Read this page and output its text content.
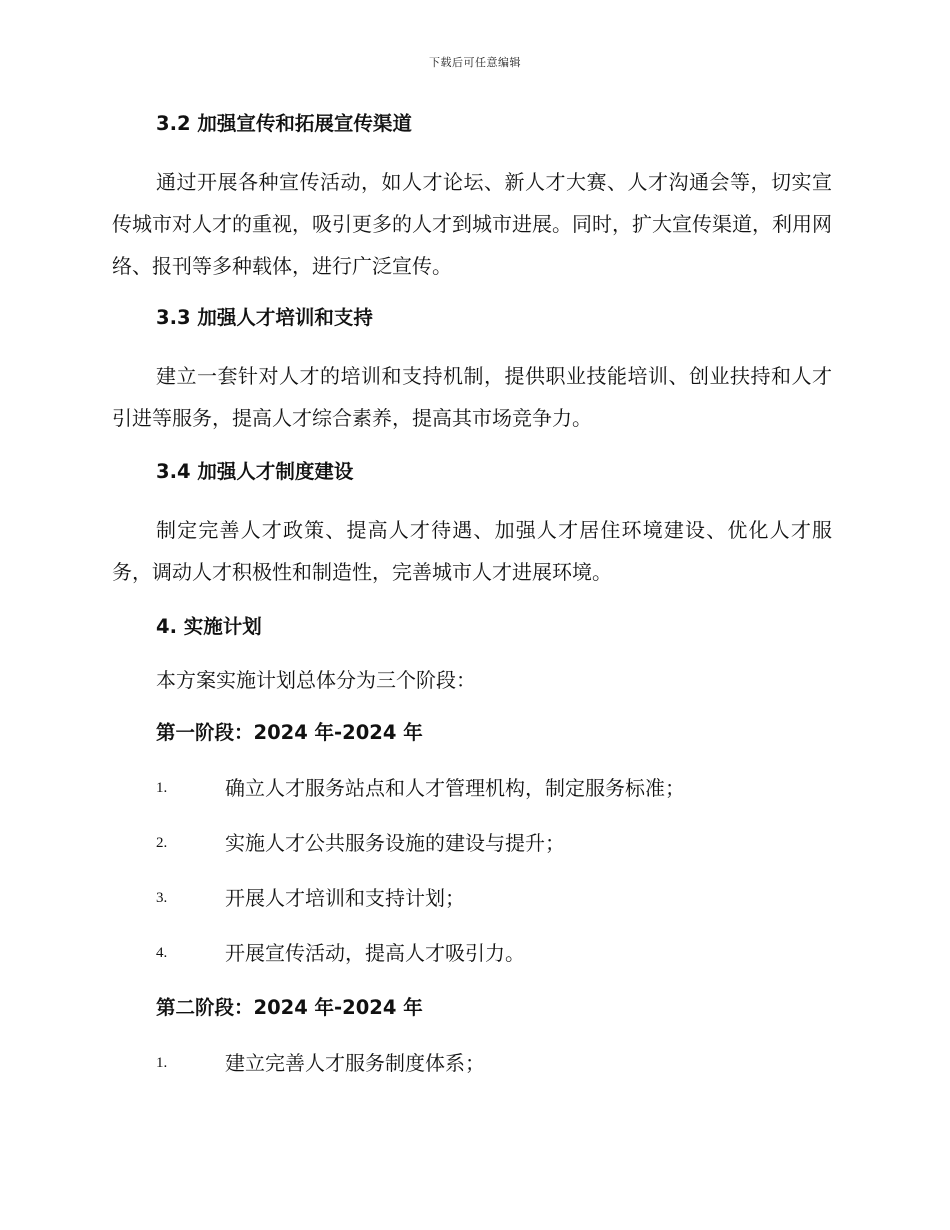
下载后可任意编辑
3.2 加强宣传和拓展宣传渠道

通过开展各种宣传活动，如人才论坛、新人才大赛、人才沟通会等，切实宣传城市对人才的重视，吸引更多的人才到城市进展。同时，扩大宣传渠道，利用网络、报刊等多种载体，进行广泛宣传。

3.3 加强人才培训和支持

建立一套针对人才的培训和支持机制，提供职业技能培训、创业扶持和人才引进等服务，提高人才综合素养，提高其市场竞争力。

3.4 加强人才制度建设

制定完善人才政策、提高人才待遇、加强人才居住环境建设、优化人才服务，调动人才积极性和制造性，完善城市人才进展环境。

4. 实施计划

本方案实施计划总体分为三个阶段：

第一阶段：2024 年-2024 年
1.	确立人才服务站点和人才管理机构，制定服务标准；
2.	实施人才公共服务设施的建设与提升；
3.	开展人才培训和支持计划；
4.	开展宣传活动，提高人才吸引力。
第二阶段：2024 年-2024 年
1.	建立完善人才服务制度体系；
